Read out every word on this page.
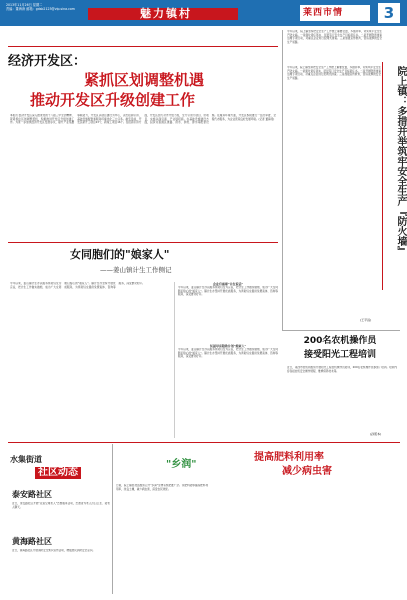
2013年11月26日 星期二
责编：董海涛 邮箱：gdsb2123@vip.sina.com	魅力镇村	莱西市情	3
经济开发区：
紧抓区划调整机遇
推动开发区升级创建工作
本报讯 经济开发区深入推进党的十八届三中全会精神，紧紧抓住区划调整契机，积极推进开发区升级创建工作。为进一步加快经济开发区发展步伐，提升产业集聚承载能力，开发区以项目建设为中心，突出招商引资、基础设施配套和服务环境优化三大任务。截至目前，开发区新开工项目23个，新竣工项目16个。在招商引资方面，开发区加大对外开放力度，全力引进大项目、好项目，实施以商引商、产业链招商。在基础设施建设方面，投资完善园区道路、供水、供电、排水等配套设施。在服务环境方面，开发区积极推行一站式审批、全程代办服务，为企业营造良好发展环境。(记者 董海涛)
今年以来，院上镇坚持把安全生产工作摆上重要位置，多措并举，切实筑牢安全生产防火墙。一是强化责任落实，层层签订安全生产目标责任书。二是开展隐患排查治理专项行动，对重点企业进行拉网式排查。三是加强宣传教育，营造浓厚的安全生产氛围。
院上镇：多措并举筑牢安全生产『防火墙』
今年以来，院上镇坚持把安全生产工作摆上重要位置，多措并举，切实筑牢安全生产防火墙。一是强化责任落实，层层签订安全生产目标责任书。二是开展隐患排查治理专项行动，对重点企业进行拉网式排查。三是加强宣传教育，营造浓厚的安全生产氛围。
(王平昌)
女同胞们的"娘家人"
——姜山镇计生工作侧记
今年以来，姜山镇计生办以服务育龄妇女为宗旨，把计生工作做实做细，成为广大女同胞们贴心的"娘家人"。镇计生办坚持开展优质服务，为育龄妇女提供免费查体、咨询等服务，深受群众好评。	企业有需要"计生说话"
今年以来，姜山镇计生办以服务育龄妇女为宗旨，把计生工作做实做细，成为广大女同胞们贴心的"娘家人"。镇计生办坚持开展优质服务，为育龄妇女提供免费查体、咨询等服务，深受群众好评。
贫困母亲陪助计划"娘家人"
今年以来，姜山镇计生办以服务育龄妇女为宗旨，把计生工作做实做细，成为广大女同胞们贴心的"娘家人"。镇计生办坚持开展优质服务，为育龄妇女提供免费查体、咨询等服务，深受群众好评。
200名农机操作员
接受阳光工程培训
近日，莱西市农机局组织开展阳光工程农机操作员培训，200名农机操作员参加了培训。培训内容包括农机安全操作规程、维修保养技术等。
(孙照本)
水集街道
社区动态
泰安路社区
近日，泰安路社区开展"关爱空巢老人"志愿服务活动，志愿者为老人打扫卫生、陪老人聊天。
黄海路社区
近日，黄海路社区开展消防安全知识宣传活动，增强居民消防安全意识。
"乡润"
提高肥料利用率
减少病虫害
日前，院上镇农技站组织召开"乡润"生物有机肥推广会。该肥料能够提高肥料利用率，改良土壤，减少病虫害，深受农民欢迎。
